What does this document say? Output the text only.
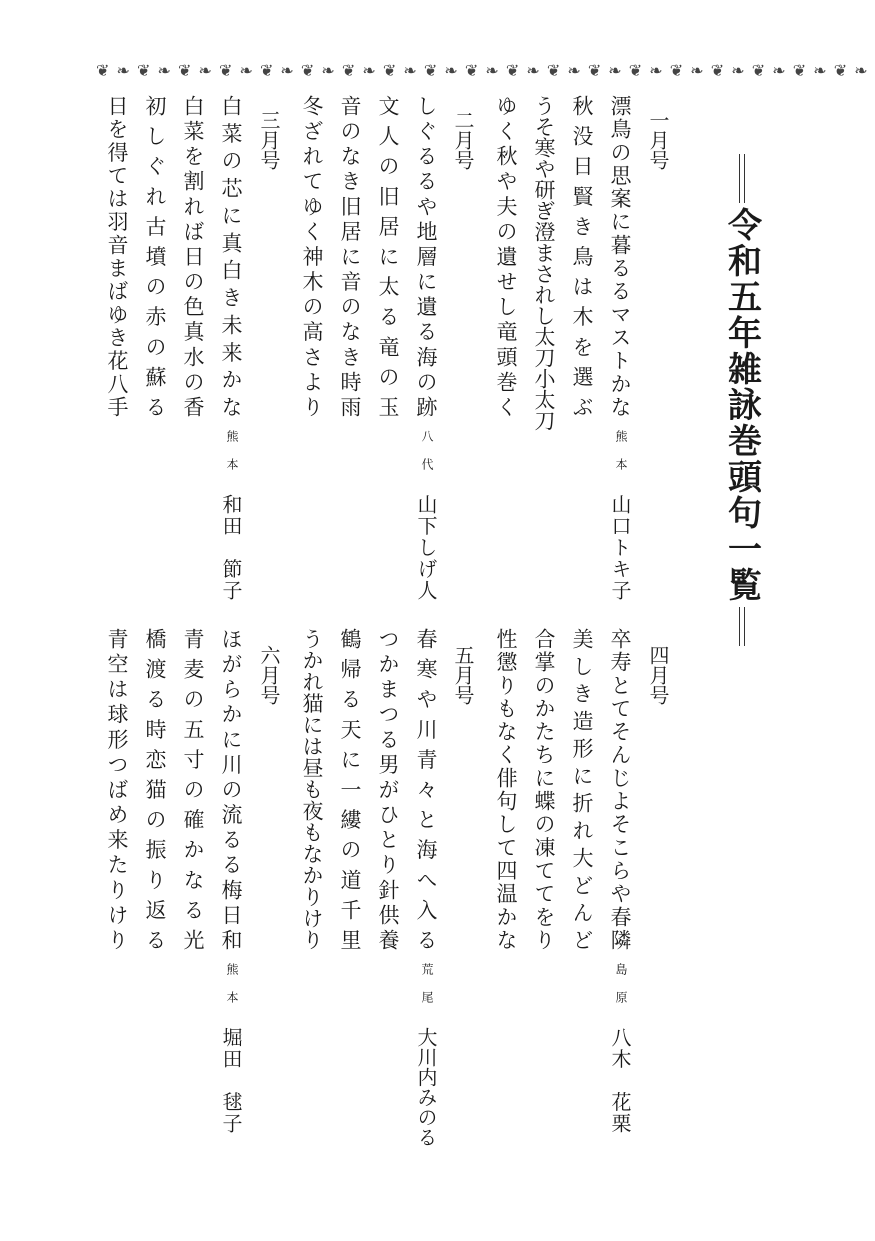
❦ ❧ ❦ ❧ ❦ ❧ ❦ ❧ ❦ ❧ ❦ ❧ ❦ ❧ ❦ ❧ ❦ ❧ ❦ ❧ ❦ ❧ ❦ ❧ ❦ ❧ ❦ ❧ ❦ ❧ ❦ ❧ ❦ ❧ ❦ ❧ ❦ ❧
令和五年雑詠巻頭句一覧
一月号
漂鳥の思案に暮るるマストかな
秋没日賢き鳥は木を選ぶ
うそ寒や研ぎ澄まされし太刀小太刀
ゆく秋や夫の遺せし竜頭巻く
熊本
山口トキ子
二月号
しぐるるや地層に遺る海の跡
文人の旧居に太る竜の玉
音のなき旧居に音のなき時雨
冬ざれてゆく神木の高さより
八代
山下しげ人
三月号
白菜の芯に真白き未来かな
白菜を割れば日の色真水の香
初しぐれ古墳の赤の蘇る
日を得ては羽音まばゆき花八手
熊本
和田　節子
四月号
卒寿とてそんじよそこらや春隣
美しき造形に折れ大どんど
合掌のかたちに蝶の凍ててをり
性懲りもなく俳句して四温かな
島原
八木　花栗
五月号
春寒や川青々と海へ入る
つかまつる男がひとり針供養
鶴帰る天に一縷の道千里
うかれ猫には昼も夜もなかりけり
荒尾
大川内みのる
六月号
ほがらかに川の流るる梅日和
青麦の五寸の確かなる光
橋渡る時恋猫の振り返る
青空は球形つばめ来たりけり
熊本
堀田　毬子
